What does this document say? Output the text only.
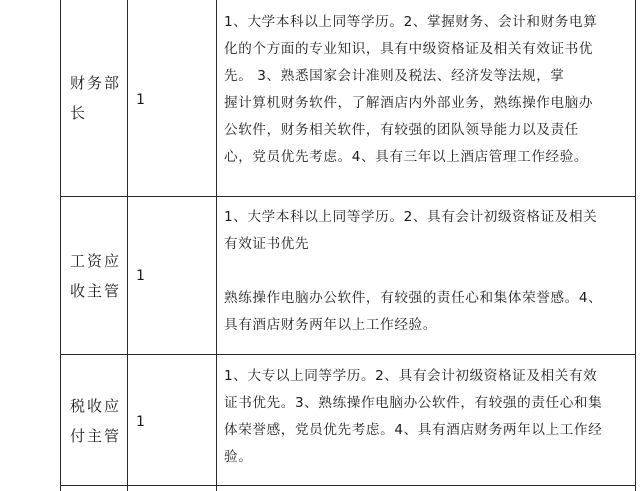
财务部长
1
1、大学本科以上同等学历。2、掌握财务、会计和财务电算
化的个方面的专业知识，具有中级资格证及相关有效证书优
先。 3、熟悉国家会计准则及税法、经济发等法规，掌
握计算机财务软件，了解酒店内外部业务，熟练操作电脑办
公软件，财务相关软件，有较强的团队领导能力以及责任
心，党员优先考虑。4、具有三年以上酒店管理工作经验。
工资应收主管
1
1、大学本科以上同等学历。2、具有会计初级资格证及相关
有效证书优先

熟练操作电脑办公软件，有较强的责任心和集体荣誉感。4、
具有酒店财务两年以上工作经验。
税收应付主管
1
1、大专以上同等学历。2、具有会计初级资格证及相关有效
证书优先。3、熟练操作电脑办公软件，有较强的责任心和集
体荣誉感，党员优先考虑。4、具有酒店财务两年以上工作经
验。
